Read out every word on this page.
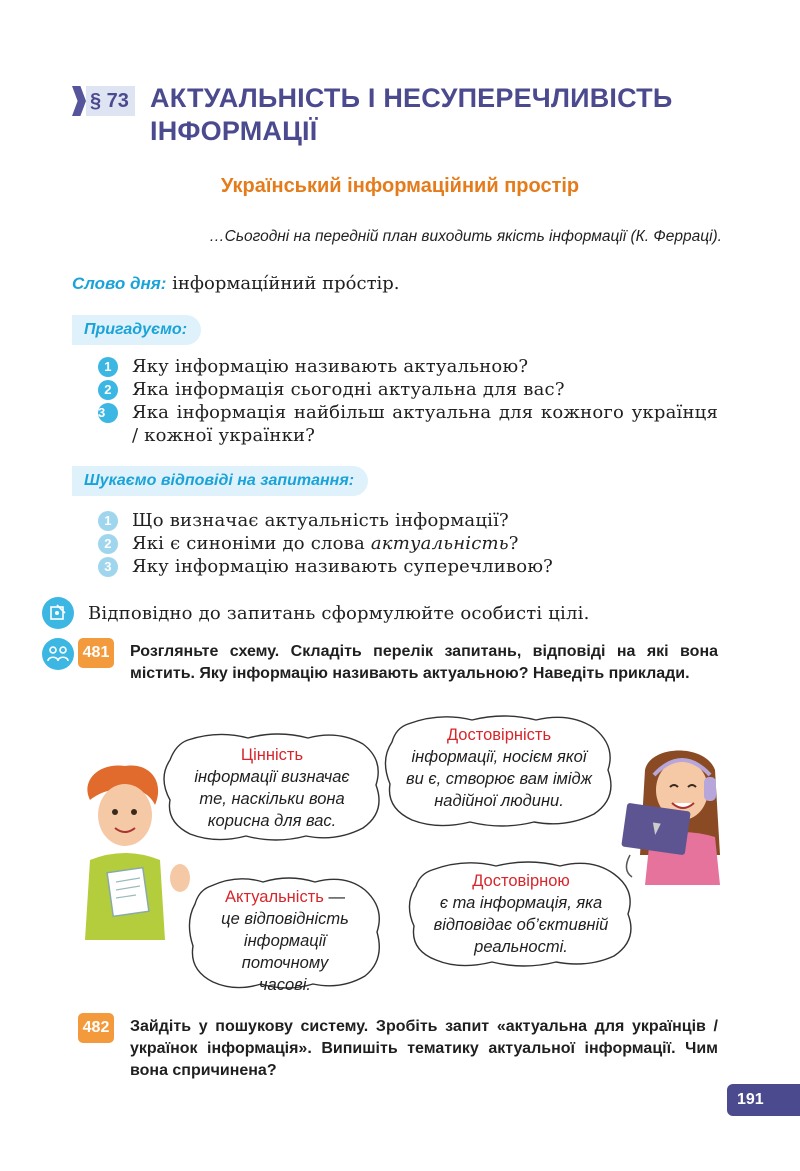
§ 73 АКТУАЛЬНІСТЬ І НЕСУПЕРЕЧЛИВІСТЬ ІНФОРМАЦІЇ
Український інформаційний простір
…Сьогодні на передній план виходить якість інформації (К. Ферраці).
Слово дня: інформаці́йний про́стір.
Пригадуємо:
1	Яку інформацію називають актуальною?
2	Яка інформація сьогодні актуальна для вас?
3	Яка інформація найбільш актуальна для кожного українця / кожної українки?
Шукаємо відповіді на запитання:
1	Що визначає актуальність інформації?
2	Які є синоніми до слова актуальність?
3	Яку інформацію називають суперечливою?
Відповідно до запитань сформулюйте особисті цілі.
481 Розгляньте схему. Складіть перелік запитань, відповіді на які вона містить. Яку інформацію називають актуальною? Наведіть приклади.
Цінність
інформації визначає те, наскільки вона корисна для вас.
Достовірність
інформації, носієм якої ви є, створює вам імідж надійної людини.
Актуальність —
це відповідність інформації поточному часові.
Достовірною
є та інформація, яка відповідає об’єктивній реальності.
482 Зайдіть у пошукову систему. Зробіть запит «актуальна для українців / українок інформація». Випишіть тематику актуальної інформації. Чим вона спричинена?
191
